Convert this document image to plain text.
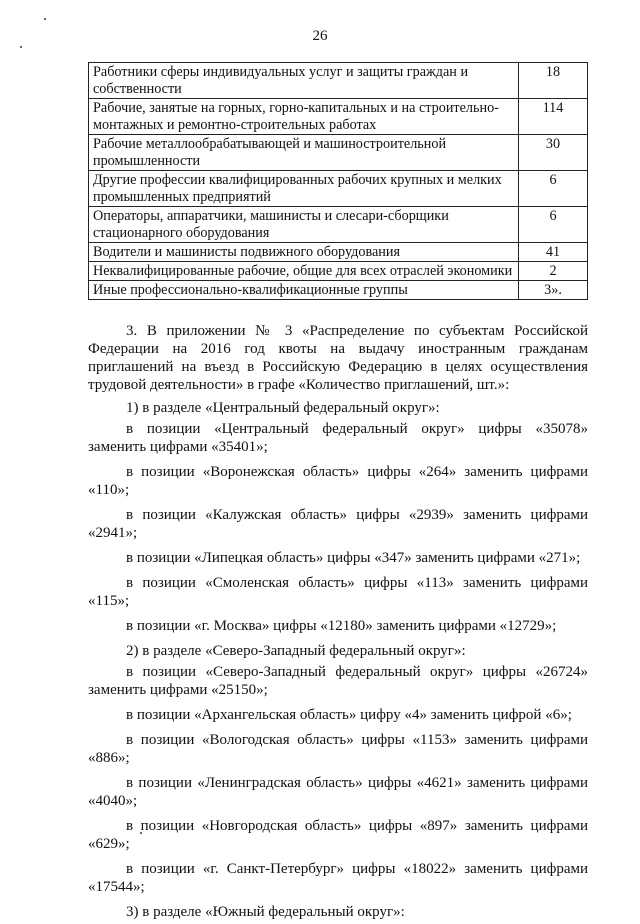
26
Работники сферы индивидуальных услуг и защиты граждан и собственности	18
Рабочие, занятые на горных, горно-капитальных и на строительно-монтажных и ремонтно-строительных работах	114
Рабочие металлообрабатывающей и машиностроительной промышленности	30
Другие профессии квалифицированных рабочих крупных и мелких промышленных предприятий	6
Операторы, аппаратчики, машинисты и слесари-сборщики стационарного оборудования	6
Водители и машинисты подвижного оборудования	41
Неквалифицированные рабочие, общие для всех отраслей экономики	2
Иные профессионально-квалификационные группы	3».

3. В приложении № 3 «Распределение по субъектам Российской Федерации на 2016 год квоты на выдачу иностранным гражданам приглашений на въезд в Российскую Федерацию в целях осуществления трудовой деятельности» в графе «Количество приглашений, шт.»:

1) в разделе «Центральный федеральный округ»:

в позиции «Центральный федеральный округ» цифры «35078» заменить цифрами «35401»;

в позиции «Воронежская область» цифры «264» заменить цифрами «110»;

в позиции «Калужская область» цифры «2939» заменить цифрами «2941»;

в позиции «Липецкая область» цифры «347» заменить цифрами «271»;

в позиции «Смоленская область» цифры «113» заменить цифрами «115»;

в позиции «г. Москва» цифры «12180» заменить цифрами «12729»;

2) в разделе «Северо-Западный федеральный округ»:

в позиции «Северо-Западный федеральный округ» цифры «26724» заменить цифрами «25150»;

в позиции «Архангельская область» цифру «4» заменить цифрой «6»;

в позиции «Вологодская область» цифры «1153» заменить цифрами «886»;

в позиции «Ленинградская область» цифры «4621» заменить цифрами «4040»;

в позиции «Новгородская область» цифры «897» заменить цифрами «629»;

в позиции «г. Санкт-Петербург» цифры «18022» заменить цифрами «17544»;

3) в разделе «Южный федеральный округ»:
